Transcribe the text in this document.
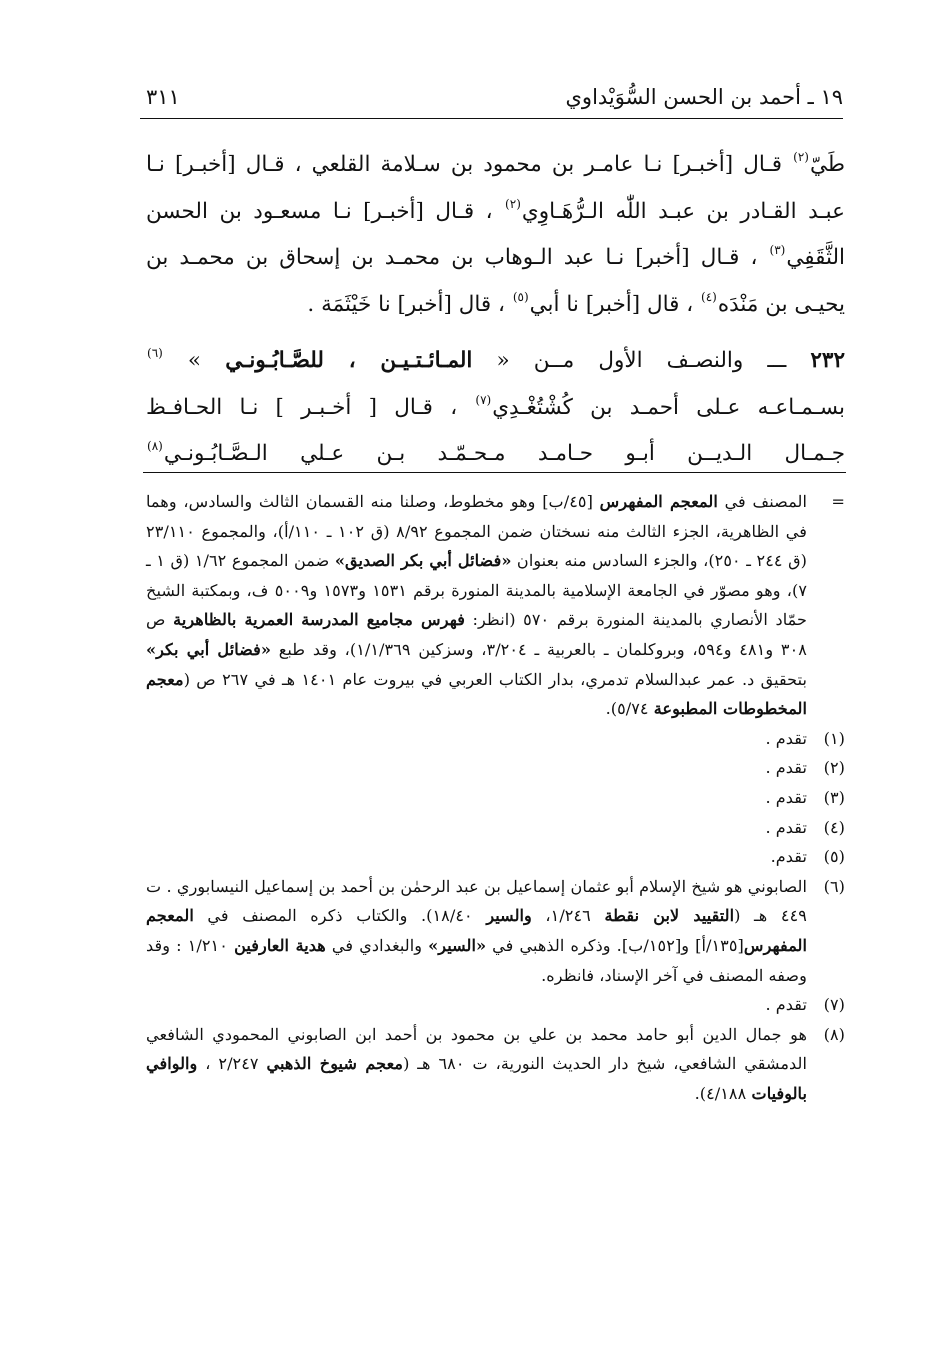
١٩ ـ أحمد بن الحسن السُّوَيْداوي
٣١١

طَيّ$^{(٢)}$ قـال [أخبـر] نـا عامـر بن محمود بن سـلامة القلعي ، قـال [أخبـر] نـا

عبـد القـادر بن عبـد اللّٰه الـرُّهَـاوِي$^{(٢)}$ ، قـال [أخبـر] نـا مسعـود بن الحسن

الثَّقَفِي$^{(٣)}$ ، قـال [أخبر] نـا عبد الـوهاب بن محمـد بن إسحاق بن محمـد بن

يحيـى بن مَنْدَه$^{(٤)}$ ، قال [أخبر] نا أبي$^{(٥)}$ ، قال [أخبر] نا خَيْثَمَة .

٢٣٢ ـــ والنصـف الأول مــن « المـائـتـيـن ، للصَّـابُـونـي » $^{(٦)}$

بسـمـاعـه عـلى أحمـد بن كُشْتُغْـدِي$^{(٧)}$ ، قـال [ أخـبـر ] نـا الحـافـظ

جـمـال الـديــن أبـو حـامـد مـحـمّـد بـن عـلي الـصَّـابُـونـي$^{(٨)}$

=
المصنف في المعجم المفهرس [٤٥/ب] وهو مخطوط، وصلنا منه القسمان الثالث والسادس، وهما في الظاهرية، الجزء الثالث منه نسختان ضمن المجموع ٨/٩٢ (ق ١٠٢ ـ ١١٠/أ)، والمجموع ٢٣/١١٠ (ق ٢٤٤ ـ ٢٥٠)، والجزء السادس منه بعنوان «فضائل أبي بكر الصديق» ضمن المجموع ١/٦٢ (ق ١ ـ ٧)، وهو مصوّر في الجامعة الإسلامية بالمدينة المنورة برقم ١٥٣١ و١٥٧٣ و٥٠٠٩ ف، وبمكتبة الشيخ حمّاد الأنصاري بالمدينة المنورة برقم ٥٧٠ (انظر: فهرس مجاميع المدرسة العمرية بالظاهرية ص ٣٠٨ و٤٨١ و٥٩٤، وبروكلمان ـ بالعربية ـ ٣/٢٠٤، وسزكين ١/١/٣٦٩)، وقد طبع «فضائل أبي بكر» بتحقيق د. عمر عبدالسلام تدمري، بدار الكتاب العربي في بيروت عام ١٤٠١ هـ في ٢٦٧ ص (معجم المخطوطات المطبوعة ٥/٧٤).
(١)
تقدم .
(٢)
تقدم .
(٣)
تقدم .
(٤)
تقدم .
(٥)
تقدم.
(٦)
الصابوني هو شيخ الإسلام أبو عثمان إسماعيل بن عبد الرحمٰن بن أحمد بن إسماعيل النيسابوري . ت ٤٤٩ هـ (التقييد لابن نقطة ١/٢٤٦، والسير ١٨/٤٠). والكتاب ذكره المصنف في المعجم المفهرس[١٣٥/أ] و[١٥٢/ب]. وذكره الذهبي في «السير» والبغدادي في هدية العارفين ١/٢١٠ : وقد وصفه المصنف في آخر الإسناد، فانظره.
(٧)
تقدم .
(٨)
هو جمال الدين أبو حامد محمد بن علي بن محمود بن أحمد ابن الصابوني المحمودي الشافعي الدمشقي الشافعي، شيخ دار الحديث النورية، ت ٦٨٠ هـ (معجم شيوخ الذهبي ٢/٢٤٧ ، والوافي بالوفيات ٤/١٨٨).
